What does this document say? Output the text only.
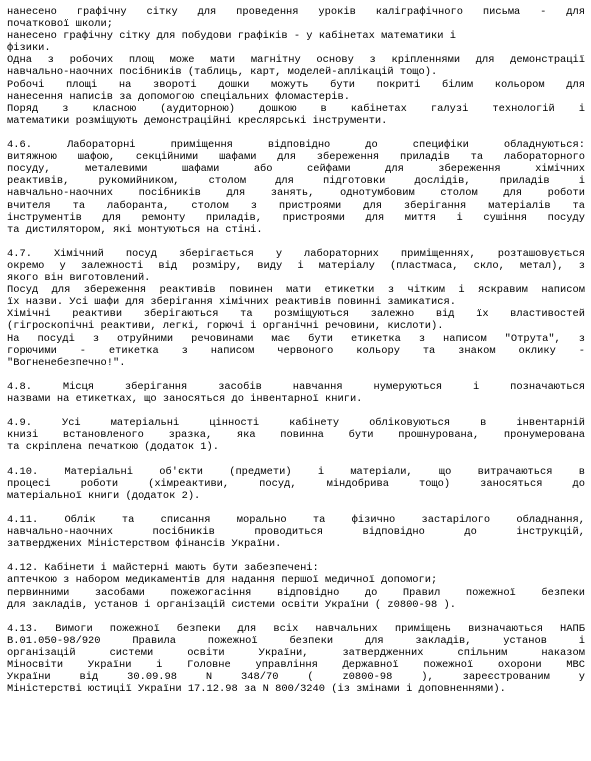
нанесено графічну сітку для проведення уроків каліграфічного письма - для
початкової школи;
нанесено графічну сітку для побудови графіків - у кабінетах математики і
фізики.
Одна з робочих площ може мати магнітну основу з кріпленнями для демонстрації
навчально-наочних посібників (таблиць, карт, моделей-аплікацій тощо).
Робочі площі на звороті дошки можуть бути покриті білим кольором для
нанесення написів за допомогою спеціальних фломастерів.
Поряд з класною (аудиторною) дошкою в кабінетах галузі технологій і
математики розміщують демонстраційні креслярські інструменти.
4.6. Лабораторні приміщення відповідно до специфіки обладнуються:
витяжною шафою, секційними шафами для збереження приладів та лабораторного
посуду, металевими шафами або сейфами для збереження хімічних
реактивів, рукомийником, столом для підготовки дослідів, приладів і
навчально-наочних посібників для занять, однотумбовим столом для роботи
вчителя та лаборанта, столом з пристроями для зберігання матеріалів та
інструментів для ремонту приладів, пристроями для миття і сушіння посуду
та дистилятором, які монтуються на стіні.
4.7. Хімічний посуд зберігається у лабораторних приміщеннях, розташовується
окремо у залежності від розміру, виду і матеріалу (пластмаса, скло, метал), з
якого він виготовлений.
Посуд для збереження реактивів повинен мати етикетки з чітким і яскравим написом
їх назви. Усі шафи для зберігання хімічних реактивів повинні замикатися.
Хімічні реактиви зберігаються та розміщуються залежно від їх властивостей
(гігроскопічні реактиви, легкі, горючі і органічні речовини, кислоти).
На посуді з отруйними речовинами має бути етикетка з написом "Отрута", з
горючими - етикетка з написом червоного кольору та знаком оклику -
"Вогненебезпечно!".
4.8. Місця зберігання засобів навчання нумеруються і позначаються
назвами на етикетках, що заносяться до інвентарної книги.
4.9. Усі матеріальні цінності кабінету обліковуються в інвентарній
книзі встановленого зразка, яка повинна бути прошнурована, пронумерована
та скріплена печаткою (додаток 1).
4.10. Матеріальні об'єкти (предмети) і матеріали, що витрачаються в
процесі роботи (хімреактиви, посуд, міндобрива тощо) заносяться до
матеріальної книги (додаток 2).
4.11. Облік та списання морально та фізично застарілого обладнання,
навчально-наочних посібників проводиться відповідно до інструкцій,
затверджених Міністерством фінансів України.
4.12. Кабінети і майстерні мають бути забезпечені:
аптечкою з набором медикаментів для надання першої медичної допомоги;
первинними засобами пожежогасіння відповідно до Правил пожежної безпеки
для закладів, установ і організацій системи освіти України ( z0800-98 ).
4.13. Вимоги пожежної безпеки для всіх навчальних приміщень визначаються НАПБ
В.01.050-98/920 Правила пожежної безпеки для закладів, установ і
організацій системи освіти України, затвердженних спільним наказом
Міносвіти України і Головне управління Державної пожежної охорони МВС
України від 30.09.98 N 348/70 ( z0800-98 ), зареєстрованим у
Міністерстві юстиції України 17.12.98 за N 800/3240 (із змінами і доповненнями).
